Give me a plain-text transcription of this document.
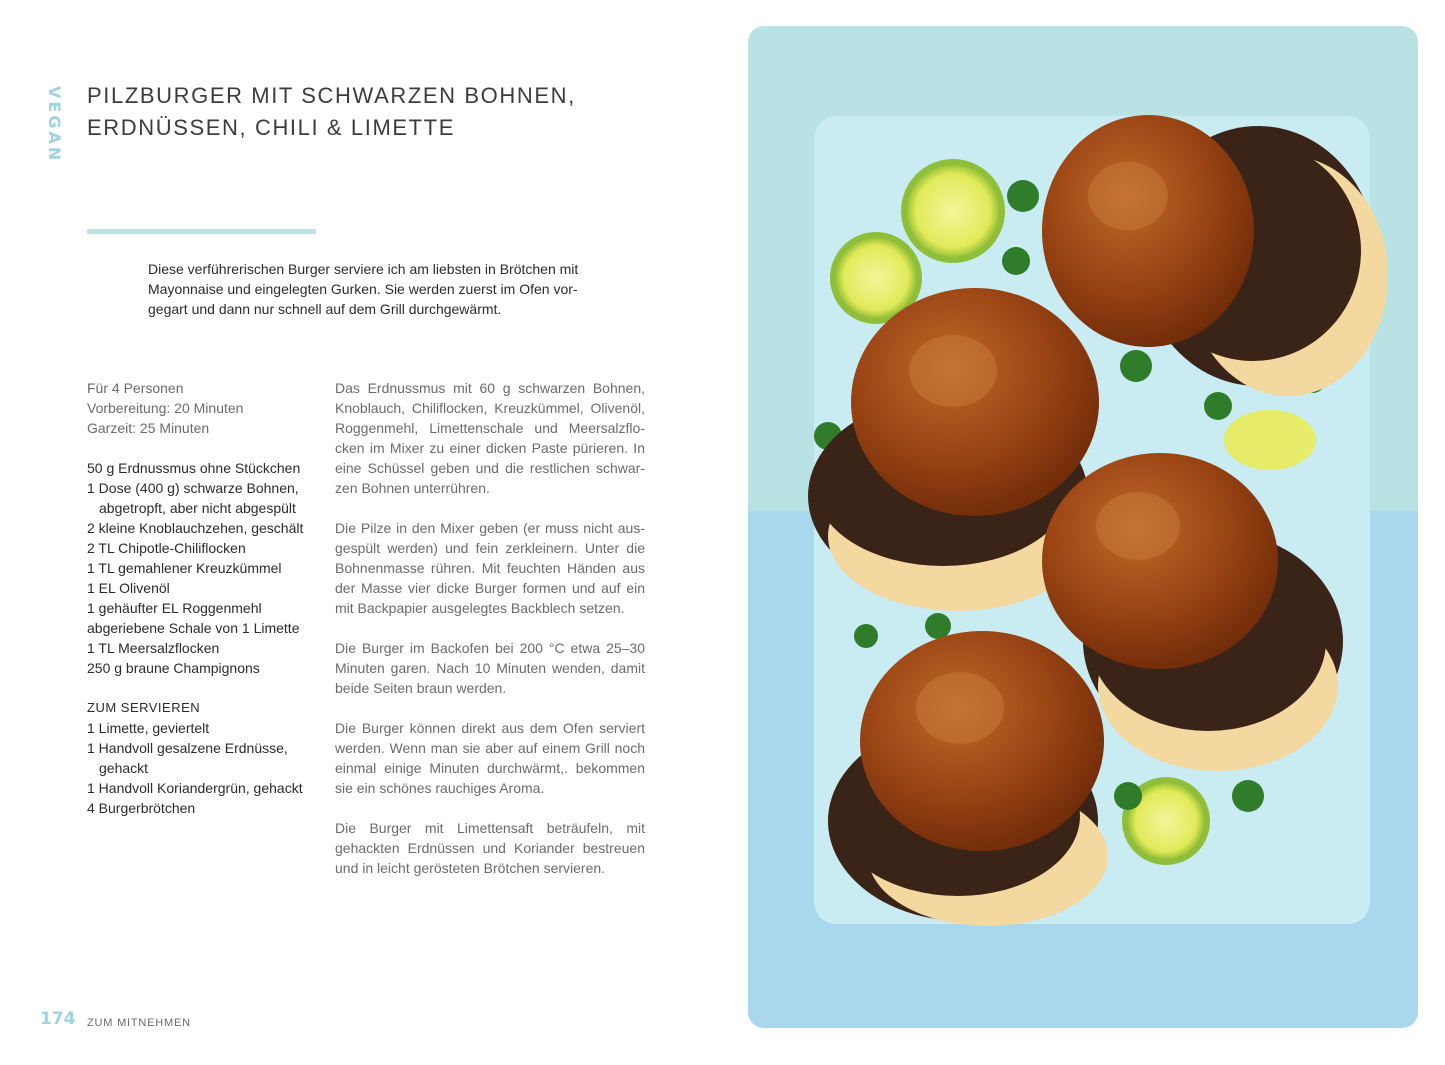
VEGAN PILZBURGER MIT SCHWARZEN BOHNEN,
ERDNÜSSEN, CHILI & LIMETTE

Diese verführerischen Burger serviere ich am liebsten in Brötchen mit Mayonnaise und eingelegten Gurken. Sie werden zuerst im Ofen vorgegart und dann nur schnell auf dem Grill durchgewärmt.

Für 4 Personen
Vorbereitung: 20 Minuten
Garzeit: 25 Minuten
50 g Erdnussmus ohne Stückchen
1 Dose (400 g) schwarze Bohnen,
abgetropft, aber nicht abgespült
2 kleine Knoblauchzehen, geschält
2 TL Chipotle-Chiliflocken
1 TL gemahlener Kreuzkümmel
1 EL Olivenöl
1 gehäufter EL Roggenmehl
abgeriebene Schale von 1 Limette
1 TL Meersalzflocken
250 g braune Champignons
ZUM SERVIEREN
1 Limette, geviertelt
1 Handvoll gesalzene Erdnüsse,
gehackt
1 Handvoll Koriandergrün, gehackt
4 Burgerbrötchen

Das Erdnussmus mit 60 g schwarzen Bohnen, Knoblauch, Chiliflocken, Kreuzkümmel, Olivenöl, Roggenmehl, Limettenschale und Meersalzflocken im Mixer zu einer dicken Paste pürieren. In eine Schüssel geben und die restlichen schwarzen Bohnen unterrühren.

Die Pilze in den Mixer geben (er muss nicht ausgespült werden) und fein zerkleinern. Unter die Bohnenmasse rühren. Mit feuchten Händen aus der Masse vier dicke Burger formen und auf ein mit Backpapier ausgelegtes Backblech setzen.

Die Burger im Backofen bei 200 °C etwa 25–30 Minuten garen. Nach 10 Minuten wenden, damit beide Seiten braun werden.

Die Burger können direkt aus dem Ofen serviert werden. Wenn man sie aber auf einem Grill noch einmal einige Minuten durchwärmt,. bekommen sie ein schönes rauchiges Aroma.

Die Burger mit Limettensaft beträufeln, mit gehackten Erdnüssen und Koriander bestreuen und in leicht gerösteten Brötchen servieren.

174 ZUM MITNEHMEN
